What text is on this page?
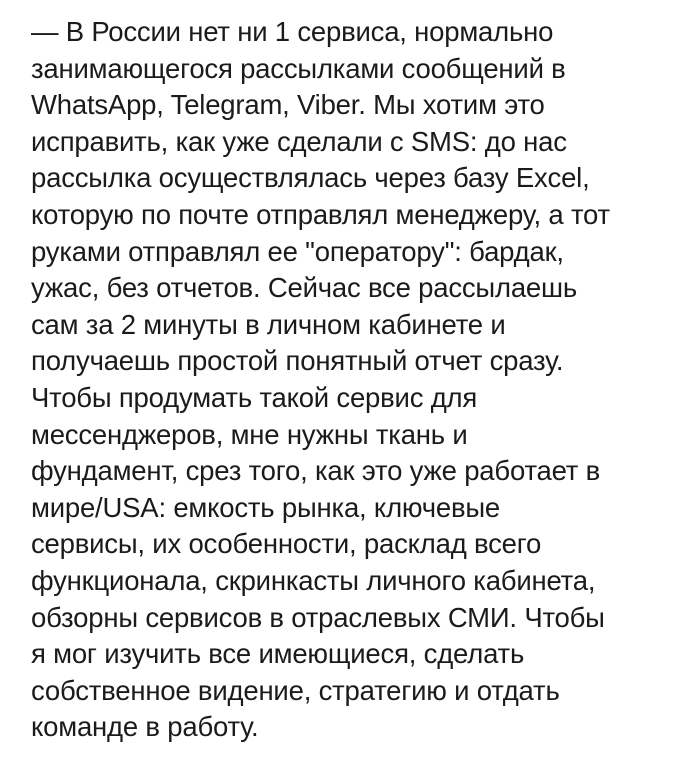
— В России нет ни 1 сервиса, нормально
занимающегося рассылками сообщений в
WhatsApp, Telegram, Viber. Мы хотим это
исправить, как уже сделали с SMS: до нас
рассылка осуществлялась через базу Excel,
которую по почте отправлял менеджеру, а тот
руками отправлял ее "оператору": бардак,
ужас, без отчетов. Сейчас все рассылаешь
сам за 2 минуты в личном кабинете и
получаешь простой понятный отчет сразу.
Чтобы продумать такой сервис для
мессенджеров, мне нужны ткань и
фундамент, срез того, как это уже работает в
мире/USA: емкость рынка, ключевые
сервисы, их особенности, расклад всего
функционала, скринкасты личного кабинета,
обзорны сервисов в отраслевых СМИ. Чтобы
я мог изучить все имеющиеся, сделать
собственное видение, стратегию и отдать
команде в работу.
